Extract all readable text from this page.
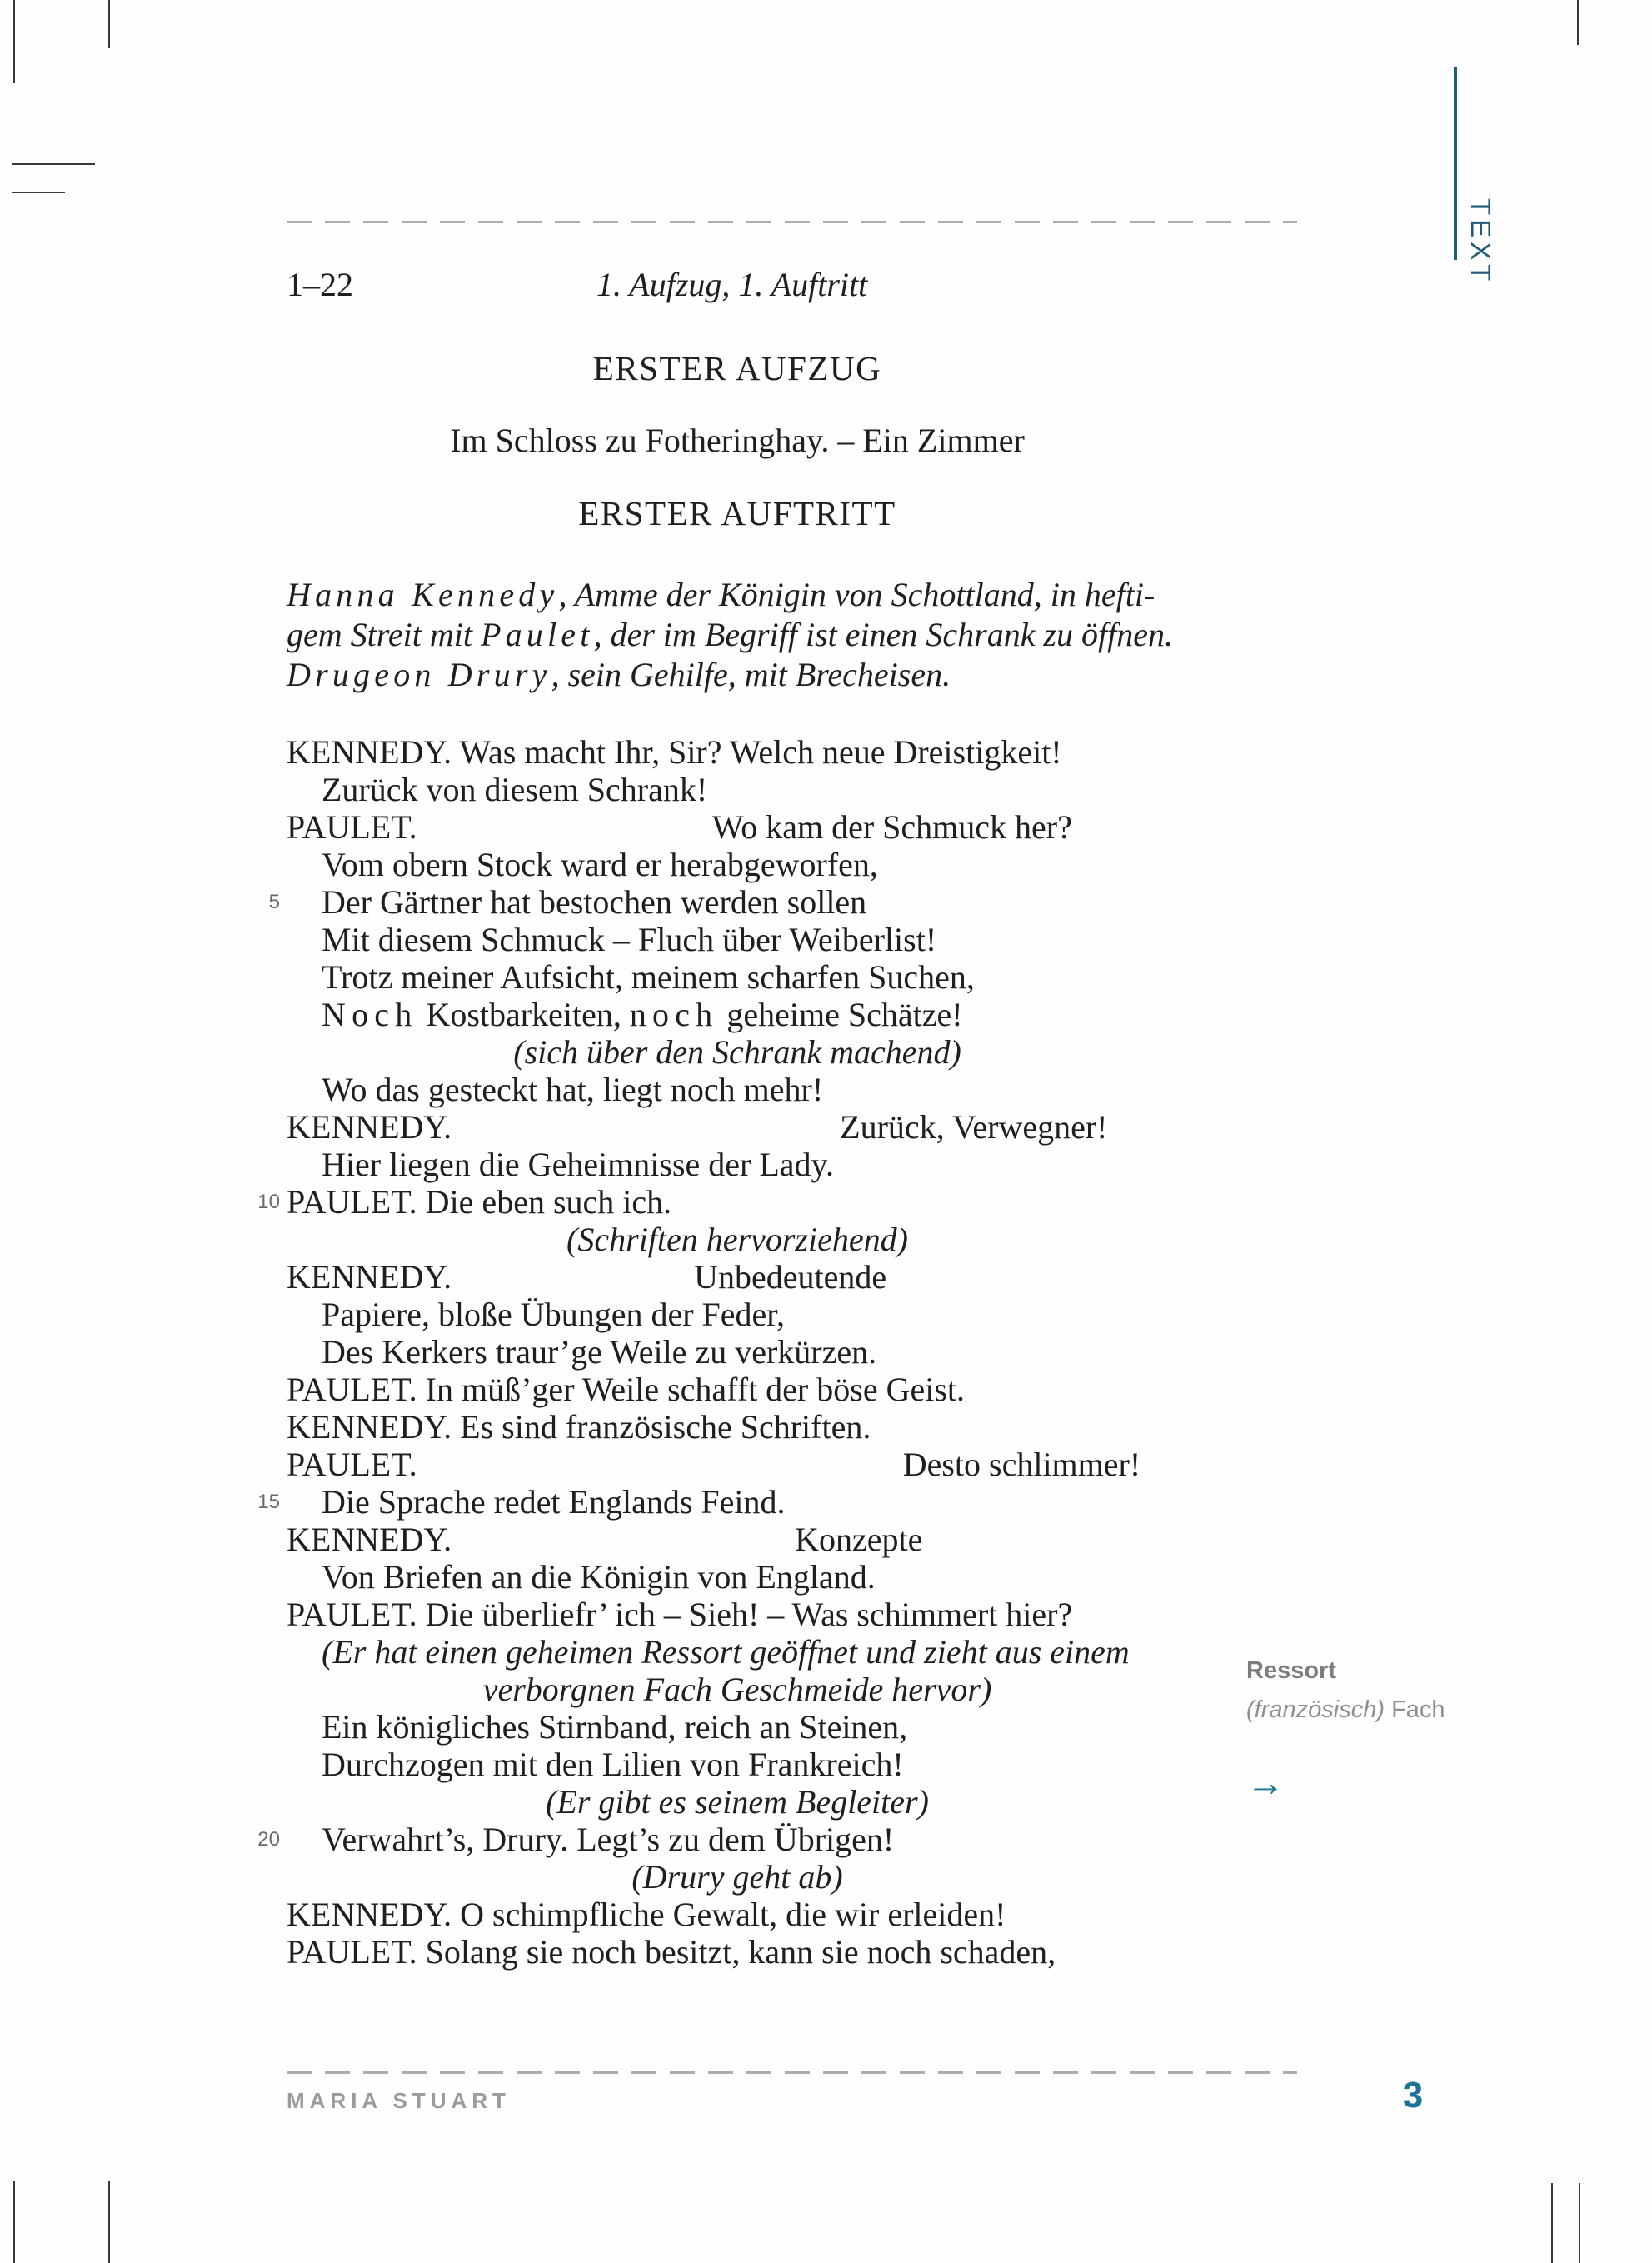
TEXT
1–22	1. Aufzug, 1. Auftritt
ERSTER AUFZUG
Im Schloss zu Fotheringhay. – Ein Zimmer
ERSTER AUFTRITT
Hanna Kennedy, Amme der Königin von Schottland, in hefti-
gem Streit mit Paulet, der im Begriff ist einen Schrank zu öffnen.
Drugeon Drury, sein Gehilfe, mit Brecheisen.
KENNEDY. Was macht Ihr, Sir? Welch neue Dreistigkeit!
Zurück von diesem Schrank!
PAULET.	Wo kam der Schmuck her?
Vom obern Stock ward er herabgeworfen,
5 Der Gärtner hat bestochen werden sollen
Mit diesem Schmuck – Fluch über Weiberlist!
Trotz meiner Aufsicht, meinem scharfen Suchen,
Noch Kostbarkeiten, noch geheime Schätze!
(sich über den Schrank machend)
Wo das gesteckt hat, liegt noch mehr!
KENNEDY.	Zurück, Verwegner!
Hier liegen die Geheimnisse der Lady.
10 PAULET. Die eben such ich.
(Schriften hervorziehend)
KENNEDY.	Unbedeutende
Papiere, bloße Übungen der Feder,
Des Kerkers traur’ge Weile zu verkürzen.
PAULET. In müß’ger Weile schafft der böse Geist.
KENNEDY. Es sind französische Schriften.
PAULET.	Desto schlimmer!
15 Die Sprache redet Englands Feind.
KENNEDY.	Konzepte
Von Briefen an die Königin von England.
PAULET. Die überliefr’ ich – Sieh! – Was schimmert hier?
(Er hat einen geheimen Ressort geöffnet und zieht aus einem
verborgnen Fach Geschmeide hervor)
Ein königliches Stirnband, reich an Steinen,
Durchzogen mit den Lilien von Frankreich!
(Er gibt es seinem Begleiter)
20 Verwahrt’s, Drury. Legt’s zu dem Übrigen!
(Drury geht ab)
KENNEDY. O schimpfliche Gewalt, die wir erleiden!
PAULET. Solang sie noch besitzt, kann sie noch schaden,
Ressort
(französisch) Fach
→
MARIA STUART	3
